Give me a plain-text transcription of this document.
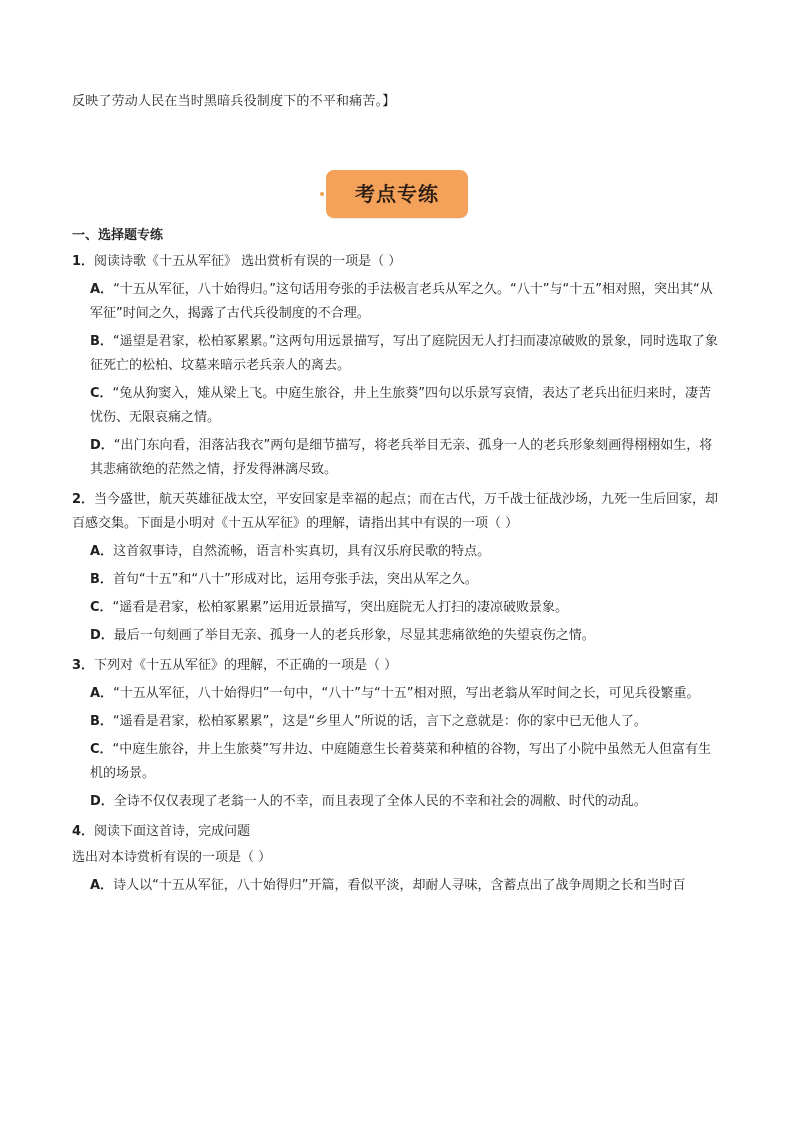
反映了劳动人民在当时黑暗兵役制度下的不平和痛苦。】
考点专练
一、选择题专练
1．阅读诗歌《十五从军征》 选出赏析有误的一项是（ ）
A．“十五从军征，八十始得归。”这句话用夸张的手法极言老兵从军之久。“八十”与“十五”相对照，突出其“从军征”时间之久，揭露了古代兵役制度的不合理。
B．“遥望是君家，松柏冢累累。”这两句用远景描写，写出了庭院因无人打扫而凄凉破败的景象，同时选取了象征死亡的松柏、坟墓来暗示老兵亲人的离去。
C．“兔从狗窦入，雉从梁上飞。中庭生旅谷，井上生旅葵”四句以乐景写哀情，表达了老兵出征归来时，凄苦忧伤、无限哀痛之情。
D．“出门东向看，泪落沾我衣”两句是细节描写，将老兵举目无亲、孤身一人的老兵形象刻画得栩栩如生，将其悲痛欲绝的茫然之情，抒发得淋漓尽致。
2．当今盛世，航天英雄征战太空，平安回家是幸福的起点；而在古代，万千战士征战沙场，九死一生后回家，却百感交集。下面是小明对《十五从军征》的理解，请指出其中有误的一项（ ）
A．这首叙事诗，自然流畅，语言朴实真切，具有汉乐府民歌的特点。
B．首句“十五”和“八十”形成对比，运用夸张手法，突出从军之久。
C．“遥看是君家，松柏冢累累”运用近景描写，突出庭院无人打扫的凄凉破败景象。
D．最后一句刻画了举目无亲、孤身一人的老兵形象，尽显其悲痛欲绝的失望哀伤之情。
3．下列对《十五从军征》的理解，不正确的一项是（ ）
A．“十五从军征，八十始得归”一句中，“八十”与“十五”相对照，写出老翁从军时间之长，可见兵役繁重。
B．“遥看是君家，松柏冢累累”，这是“乡里人”所说的话，言下之意就是：你的家中已无他人了。
C．“中庭生旅谷，井上生旅葵”写井边、中庭随意生长着葵菜和种植的谷物，写出了小院中虽然无人但富有生机的场景。
D．全诗不仅仅表现了老翁一人的不幸，而且表现了全体人民的不幸和社会的凋敝、时代的动乱。
4．阅读下面这首诗，完成问题
选出对本诗赏析有误的一项是（ ）
A．诗人以“十五从军征，八十始得归”开篇，看似平淡，却耐人寻味，含蓄点出了战争周期之长和当时百
